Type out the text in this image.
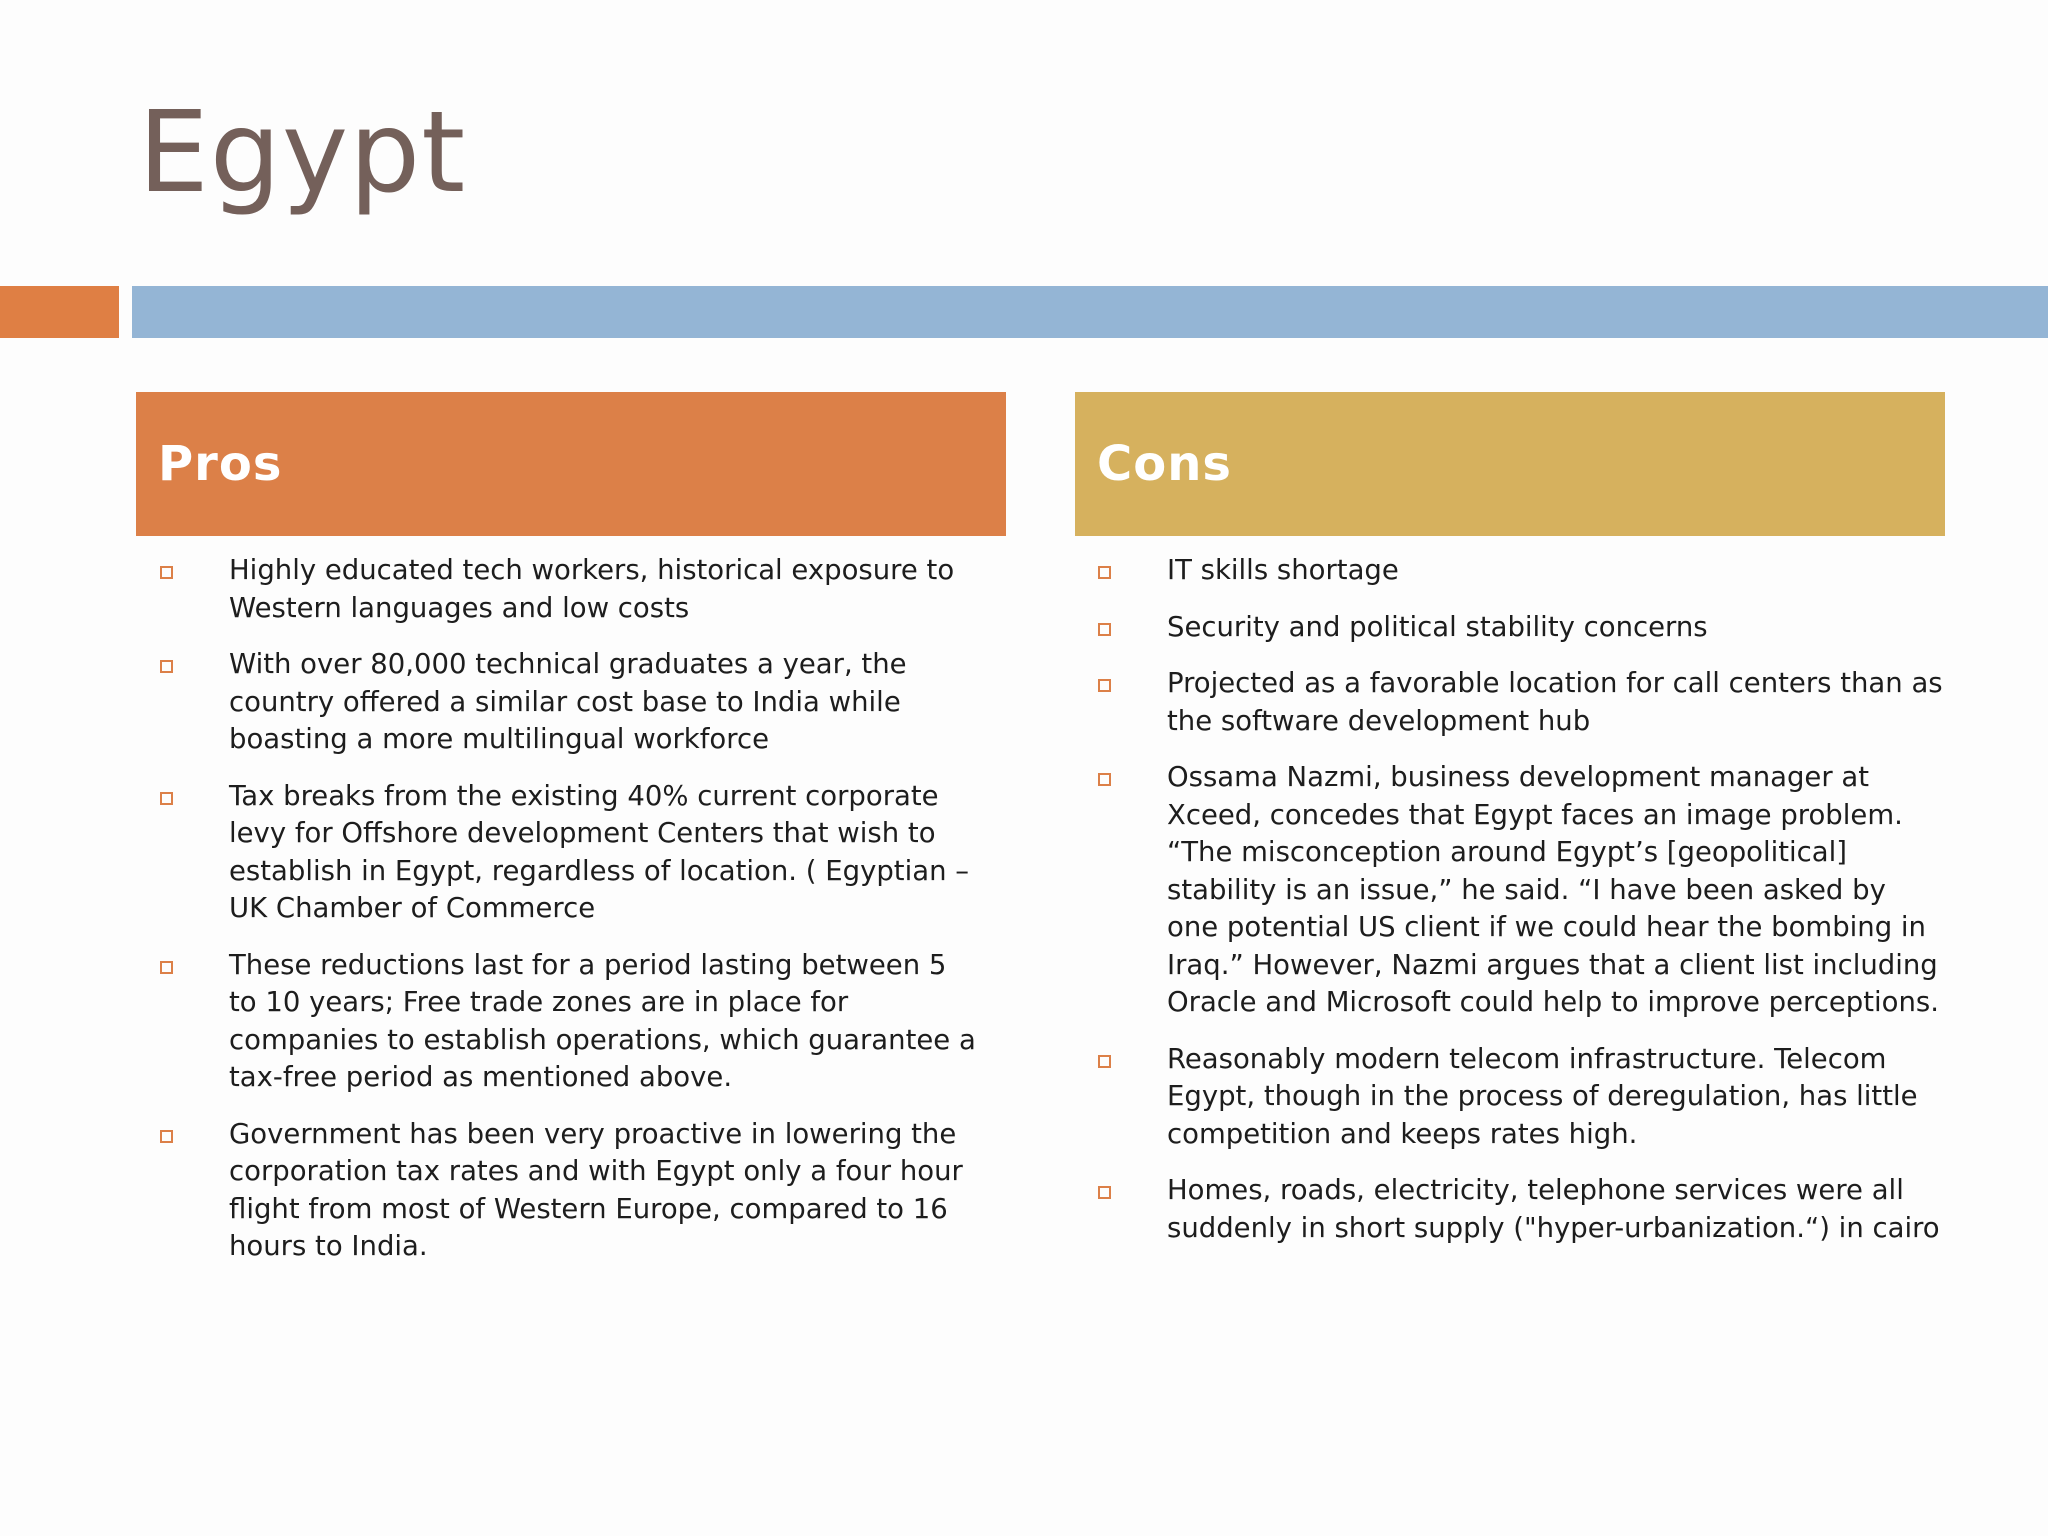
Egypt
Pros	Cons
Highly educated tech workers, historical exposure to Western languages and low costs
With over 80,000 technical graduates a year, the country offered a similar cost base to India while boasting a more multilingual workforce
Tax breaks from the existing 40% current corporate levy for Offshore development Centers that wish to establish in Egypt, regardless of location. ( Egyptian – UK Chamber of Commerce
These reductions last for a period lasting between 5 to 10 years; Free trade zones are in place for companies to establish operations, which guarantee a tax-free period as mentioned above.
Government has been very proactive in lowering the corporation tax rates and with Egypt only a four hour flight from most of Western Europe, compared to 16 hours to India.
IT skills shortage
Security and political stability concerns
Projected as a favorable location for call centers than as the software development hub
Ossama Nazmi, business development manager at Xceed, concedes that Egypt faces an image problem. “The misconception around Egypt’s [geopolitical] stability is an issue,” he said. “I have been asked by one potential US client if we could hear the bombing in Iraq.” However, Nazmi argues that a client list including Oracle and Microsoft could help to improve perceptions.
Reasonably modern telecom infrastructure. Telecom Egypt, though in the process of deregulation, has little competition and keeps rates high.
Homes, roads, electricity, telephone services were all suddenly in short supply ("hyper-urbanization.“) in cairo
